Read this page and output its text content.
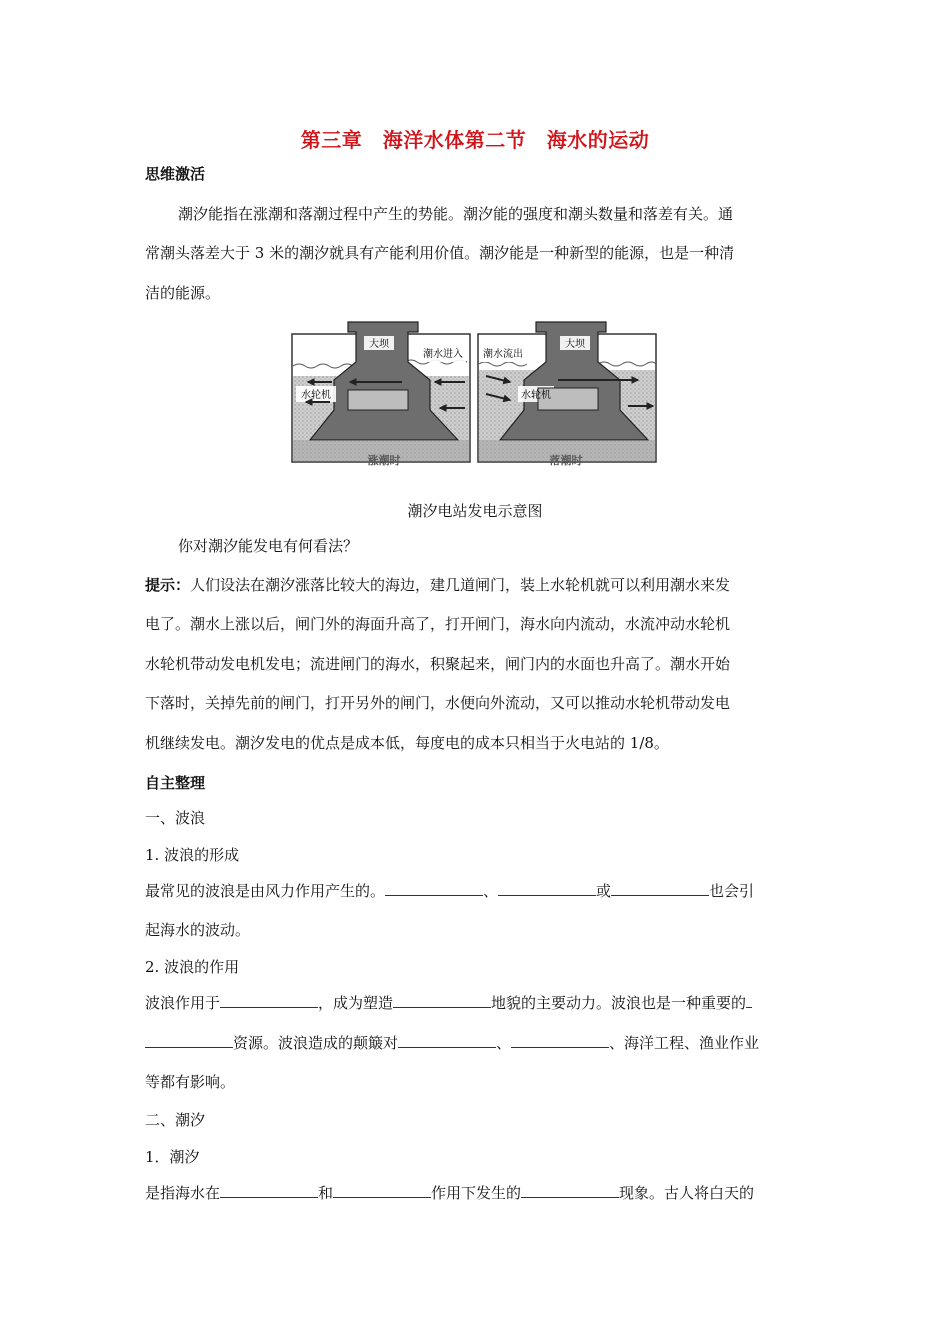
第三章　海洋水体第二节　海水的运动
思维激活
潮汐能指在涨潮和落潮过程中产生的势能。潮汐能的强度和潮头数量和落差有关。通
常潮头落差大于 3 米的潮汐就具有产能利用价值。潮汐能是一种新型的能源，也是一种清
洁的能源。
大坝
潮水进入
水轮机
大坝
潮水流出
水轮机
涨潮时	落潮时
潮汐电站发电示意图
你对潮汐能发电有何看法？
提示：人们设法在潮汐涨落比较大的海边，建几道闸门，装上水轮机就可以利用潮水来发
电了。潮水上涨以后，闸门外的海面升高了，打开闸门，海水向内流动，水流冲动水轮机
水轮机带动发电机发电；流进闸门的海水，积聚起来，闸门内的水面也升高了。潮水开始
下落时，关掉先前的闸门，打开另外的闸门，水便向外流动，又可以推动水轮机带动发电
机继续发电。潮汐发电的优点是成本低，每度电的成本只相当于火电站的 1/8。
自主整理
一、波浪
1. 波浪的形成
最常见的波浪是由风力作用产生的。	、	或	也会引
起海水的波动。
2. 波浪的作用
波浪作用于	，成为塑造	地貌的主要动力。波浪也是一种重要的
资源。波浪造成的颠簸对	、	、海洋工程、渔业作业
等都有影响。
二、潮汐
1．潮汐
是指海水在	和	作用下发生的	现象。古人将白天的
